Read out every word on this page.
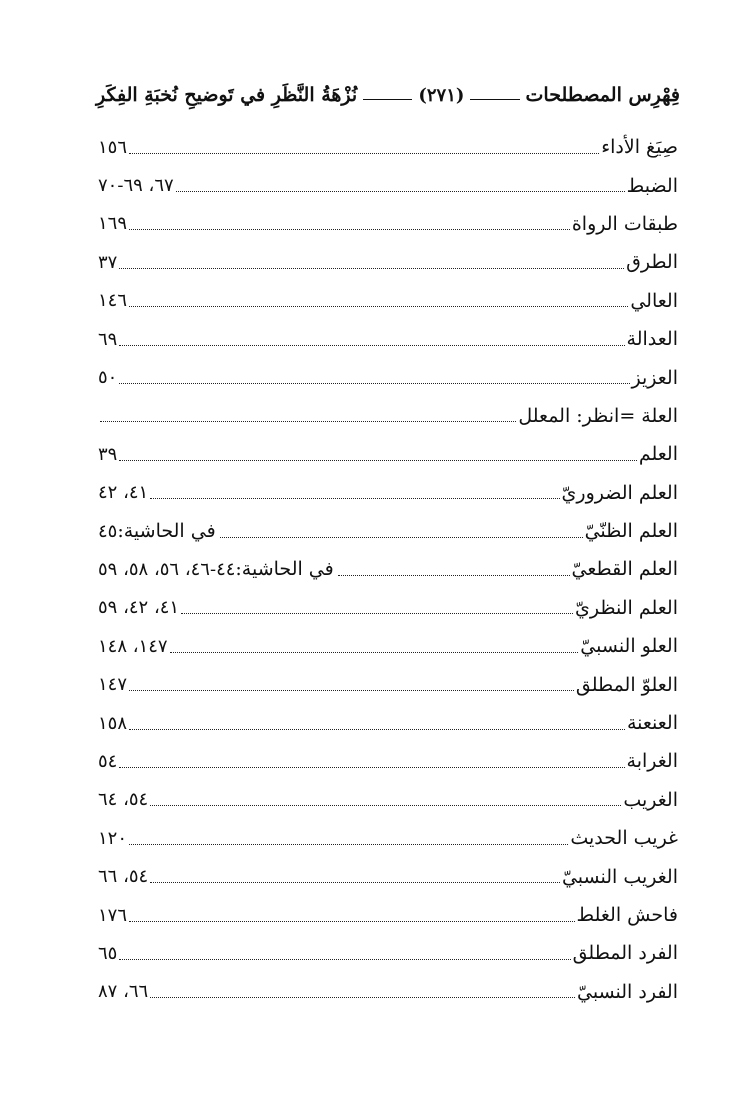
فِهْرِس المصطلحات
(٢٧١)
نُزْهَةُ النَّظَرِ في تَوضيحِ نُخبَةِ الفِكَرِ
صِيَغ الأداء
١٥٦
الضبط
٦٧، ٦٩-٧٠
طبقات الرواة
١٦٩
الطرق
٣٧
العالي
١٤٦
العدالة
٦٩
العزيز
٥٠
العلة =انظر: المعلل
العلم
٣٩
العلم الضروريّ
٤١، ٤٢
العلم الظنّيّ
في الحاشية:
٤٥
العلم القطعيّ
في الحاشية:
٤٤-٤٦، ٥٦، ٥٨، ٥٩
العلم النظريّ
٤١، ٤٢، ٥٩
العلو النسبيّ
١٤٧، ١٤٨
العلوّ المطلق
١٤٧
العنعنة
١٥٨
الغرابة
٥٤
الغريب
٥٤، ٦٤
غريب الحديث
١٢٠
الغريب النسبيّ
٥٤، ٦٦
فاحش الغلط
١٧٦
الفرد المطلق
٦٥
الفرد النسبيّ
٦٦، ٨٧
